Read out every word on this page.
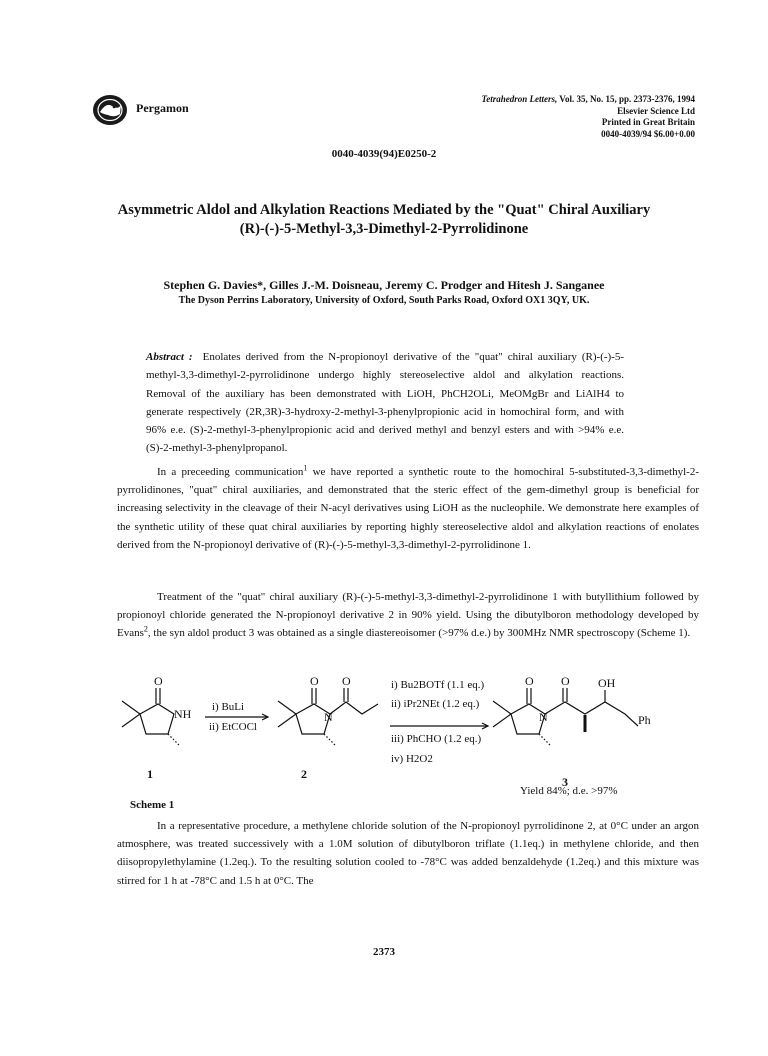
Pergamon
Tetrahedron Letters, Vol. 35, No. 15, pp. 2373-2376, 1994
Elsevier Science Ltd
Printed in Great Britain
0040-4039/94 $6.00+0.00
0040-4039(94)E0250-2
Asymmetric Aldol and Alkylation Reactions Mediated by the "Quat" Chiral Auxiliary
(R)-(-)-5-Methyl-3,3-Dimethyl-2-Pyrrolidinone
Stephen G. Davies*, Gilles J.-M. Doisneau, Jeremy C. Prodger and Hitesh J. Sanganee
The Dyson Perrins Laboratory, University of Oxford, South Parks Road, Oxford OX1 3QY, UK.
Abstract : Enolates derived from the N-propionoyl derivative of the "quat" chiral auxiliary (R)-(-)-5-methyl-3,3-dimethyl-2-pyrrolidinone undergo highly stereoselective aldol and alkylation reactions. Removal of the auxiliary has been demonstrated with LiOH, PhCH2OLi, MeOMgBr and LiAlH4 to generate respectively (2R,3R)-3-hydroxy-2-methyl-3-phenylpropionic acid in homochiral form, and with 96% e.e. (S)-2-methyl-3-phenylpropionic acid and derived methyl and benzyl esters and with >94% e.e. (S)-2-methyl-3-phenylpropanol.
In a preceeding communication$^1$ we have reported a synthetic route to the homochiral 5-substituted-3,3-dimethyl-2-pyrrolidinones, "quat" chiral auxiliaries, and demonstrated that the steric effect of the gem-dimethyl group is beneficial for increasing selectivity in the cleavage of their N-acyl derivatives using LiOH as the nucleophile. We demonstrate here examples of the synthetic utility of these quat chiral auxiliaries by reporting highly stereoselective aldol and alkylation reactions of enolates derived from the N-propionoyl derivative of (R)-(-)-5-methyl-3,3-dimethyl-2-pyrrolidinone 1.
Treatment of the "quat" chiral auxiliary (R)-(-)-5-methyl-3,3-dimethyl-2-pyrrolidinone 1 with butyllithium followed by propionoyl chloride generated the N-propionoyl derivative 2 in 90% yield. Using the dibutylboron methodology developed by Evans$^2$, the syn aldol product 3 was obtained as a single diastereoisomer (>97% d.e.) by 300MHz NMR spectroscopy (Scheme 1).
O
NH
O O
N
O O
N
OH
Ph
i) BuLi
ii) EtCOCl
i) Bu2BOTf (1.1 eq.)
ii) iPr2NEt (1.2 eq.)
iii) PhCHO (1.2 eq.)
iv) H2O2
Yield 84%; d.e. >97%
1	2
3
Scheme 1
In a representative procedure, a methylene chloride solution of the N-propionoyl pyrrolidinone 2, at 0°C under an argon atmosphere, was treated successively with a 1.0M solution of dibutylboron triflate (1.1eq.) in methylene chloride, and then diisopropylethylamine (1.2eq.). To the resulting solution cooled to -78°C was added benzaldehyde (1.2eq.) and this mixture was stirred for 1 h at -78°C and 1.5 h at 0°C. The
2373
